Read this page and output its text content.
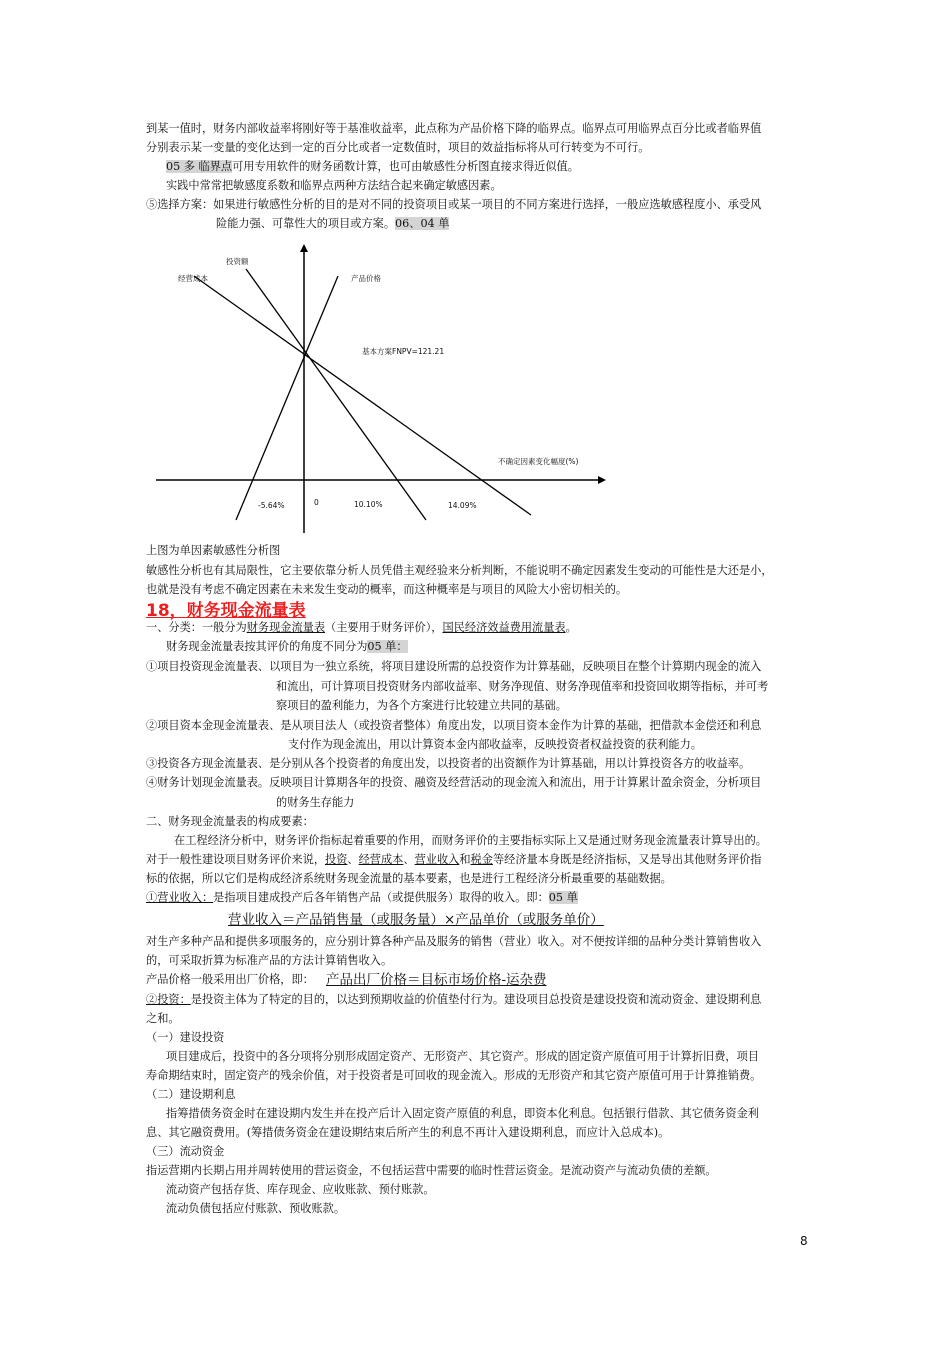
到某一值时，财务内部收益率将刚好等于基准收益率，此点称为产品价格下降的临界点。临界点可用临界点百分比或者临界值
分别表示某一变量的变化达到一定的百分比或者一定数值时，项目的效益指标将从可行转变为不可行。
05 多 临界点可用专用软件的财务函数计算，也可由敏感性分析图直接求得近似值。
实践中常常把敏感度系数和临界点两种方法结合起来确定敏感因素。
⑤选择方案：如果进行敏感性分析的目的是对不同的投资项目或某一项目的不同方案进行选择，一般应选敏感程度小、承受风
险能力强、可靠性大的项目或方案。06、04 单
投资额
经营成本	产品价格
基本方案FNPV=121.21
不确定因素变化幅度(%)
-5.64%	0	10.10%	14.09%
上图为单因素敏感性分析图
敏感性分析也有其局限性，它主要依靠分析人员凭借主观经验来分析判断，不能说明不确定因素发生变动的可能性是大还是小，
也就是没有考虑不确定因素在未来发生变动的概率，而这种概率是与项目的风险大小密切相关的。
18，财务现金流量表
一、分类：一般分为财务现金流量表（主要用于财务评价），国民经济效益费用流量表。
财务现金流量表按其评价的角度不同分为05 单：
①项目投资现金流量表、以项目为一独立系统，将项目建设所需的总投资作为计算基础，反映项目在整个计算期内现金的流入
和流出，可计算项目投资财务内部收益率、财务净现值、财务净现值率和投资回收期等指标，并可考
察项目的盈利能力，为各个方案进行比较建立共同的基础。
②项目资本金现金流量表、是从项目法人（或投资者整体）角度出发，以项目资本金作为计算的基础，把借款本金偿还和利息
支付作为现金流出，用以计算资本金内部收益率，反映投资者权益投资的获利能力。
③投资各方现金流量表、是分别从各个投资者的角度出发，以投资者的出资额作为计算基础，用以计算投资各方的收益率。
④财务计划现金流量表。反映项目计算期各年的投资、融资及经营活动的现金流入和流出，用于计算累计盈余资金，分析项目
的财务生存能力
二、财务现金流量表的构成要素：
在工程经济分析中，财务评价指标起着重要的作用，而财务评价的主要指标实际上又是通过财务现金流量表计算导出的。
对于一般性建设项目财务评价来说，投资、经营成本、营业收入和税金等经济量本身既是经济指标，又是导出其他财务评价指
标的依据，所以它们是构成经济系统财务现金流量的基本要素，也是进行工程经济分析最重要的基础数据。
①营业收入：是指项目建成投产后各年销售产品（或提供服务）取得的收入。即：05 单
营业收入＝产品销售量（或服务量）×产品单价（或服务单价）
对生产多种产品和提供多项服务的，应分别计算各种产品及服务的销售（营业）收入。对不便按详细的品种分类计算销售收入
的，可采取折算为标准产品的方法计算销售收入。
产品价格一般采用出厂价格，即： 产品出厂价格＝目标市场价格-运杂费
②投资：是投资主体为了特定的目的，以达到预期收益的价值垫付行为。建设项目总投资是建设投资和流动资金、建设期利息
之和。
（一）建设投资
项目建成后，投资中的各分项将分别形成固定资产、无形资产、其它资产。形成的固定资产原值可用于计算折旧费，项目
寿命期结束时，固定资产的残余价值，对于投资者是可回收的现金流入。形成的无形资产和其它资产原值可用于计算推销费。
（二）建设期利息
指筹措债务资金时在建设期内发生并在投产后计入固定资产原值的利息，即资本化利息。包括银行借款、其它债务资金利
息、其它融资费用。(筹措债务资金在建设期结束后所产生的利息不再计入建设期利息，而应计入总成本)。
（三）流动资金
指运营期内长期占用并周转使用的营运资金，不包括运营中需要的临时性营运资金。是流动资产与流动负债的差额。
流动资产包括存货、库存现金、应收账款、预付账款。
流动负债包括应付账款、预收账款。
8
